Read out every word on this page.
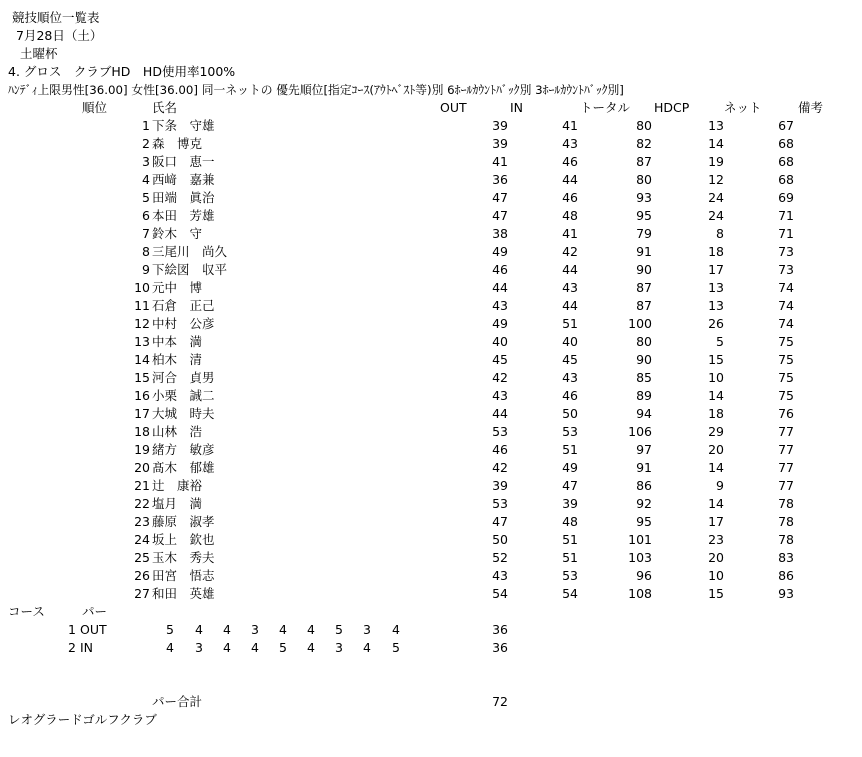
競技順位一覧表
7月28日（土）
土曜杯
4. グロス　クラブHD　HD使用率100%
ﾊﾝﾃﾞｨ上限男性[36.00] 女性[36.00] 同一ネットの 優先順位[指定ｺｰｽ(ｱｳﾄﾍﾞｽﾄ等)別 6ﾎｰﾙｶｳﾝﾄﾊﾞｯｸ別 3ﾎｰﾙｶｳﾝﾄﾊﾞｯｸ別]
順位	氏名	OUT	IN	トータル HDCP	ネット	備考
1 下条　守雄	39	41	80	13	67
2 森　博克	39	43	82	14	68
3 阪口　恵一	41	46	87	19	68
4 西﨑　嘉兼	36	44	80	12	68
5 田端　眞治	47	46	93	24	69
6 本田　芳雄	47	48	95	24	71
7 鈴木　守	38	41	79	8	71
8 三尾川　尚久	49	42	91	18	73
9 下絵図　収平	46	44	90	17	73
10 元中　博	44	43	87	13	74
11 石倉　正己	43	44	87	13	74
12 中村　公彦	49	51	100	26	74
13 中本　満	40	40	80	5	75
14 柏木　清	45	45	90	15	75
15 河合　貞男	42	43	85	10	75
16 小栗　誠二	43	46	89	14	75
17 大城　時夫	44	50	94	18	76
18 山林　浩	53	53	106	29	77
19 緒方　敏彦	46	51	97	20	77
20 髙木　郁雄	42	49	91	14	77
21 辻　康裕	39	47	86	9	77
22 塩月　満	53	39	92	14	78
23 藤原　淑孝	47	48	95	17	78
24 坂上　欽也	50	51	101	23	78
25 玉木　秀夫	52	51	103	20	83
26 田宮　悟志	43	53	96	10	86
27 和田　英雄	54	54	108	15	93
コース	パー
1 OUT	5 4 4 3 4 4 5 3 4	36
2 IN	4 3 4 4 5 4 3 4 5	36
パー合計	72
レオグラードゴルフクラブ
